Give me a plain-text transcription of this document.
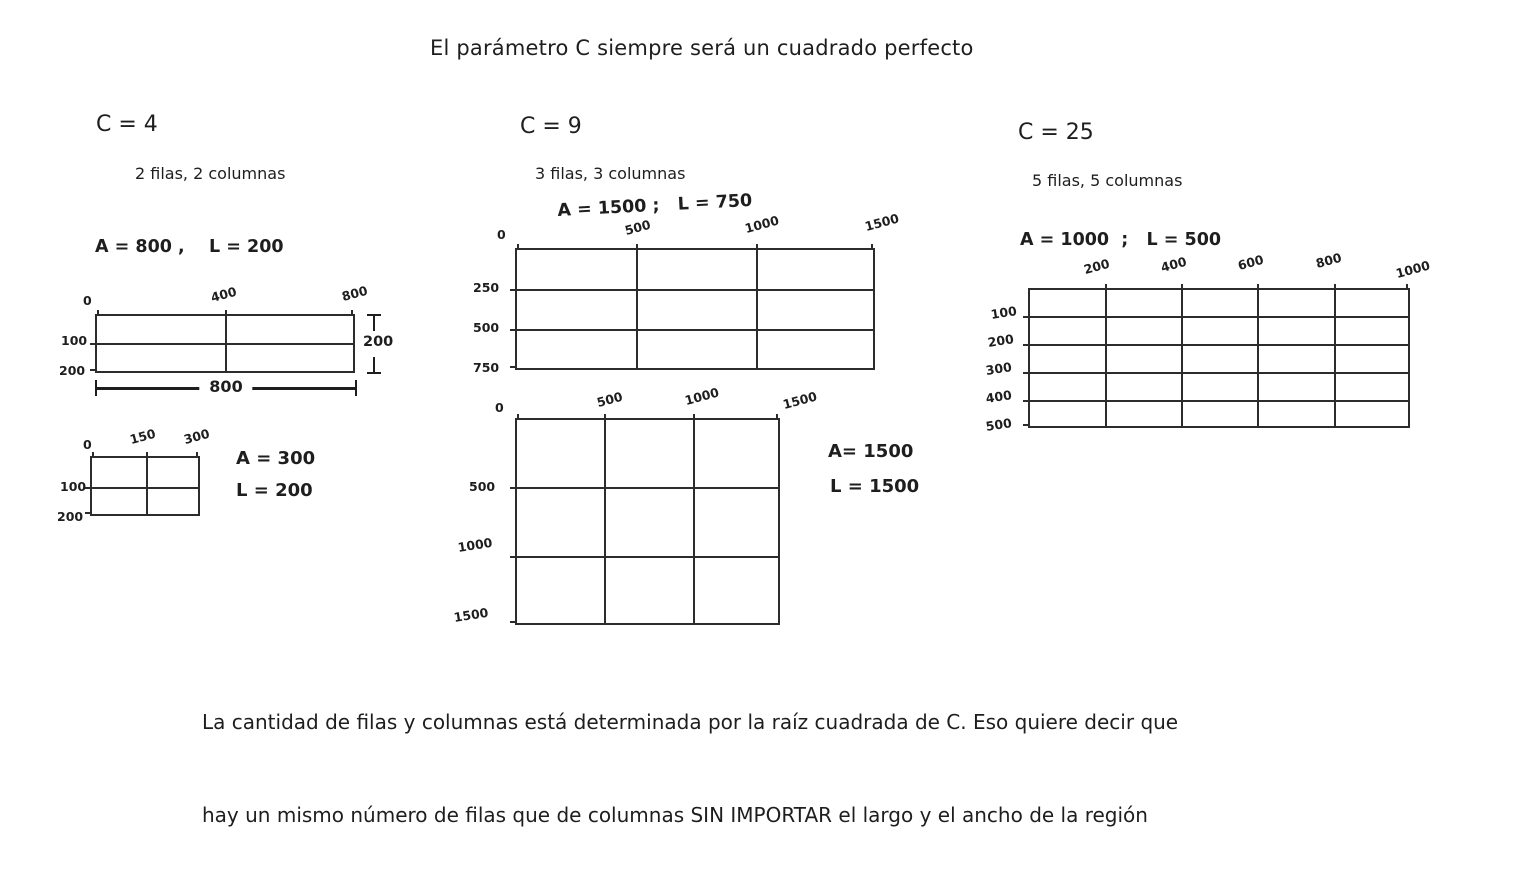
El parámetro C siempre será un cuadrado perfecto
C = 4
2 filas, 2 columnas
A = 800 ,    L = 200
0	400	800
100
200
200
800
0	150 300
100
200
A = 300
L = 200
C = 9
3 filas, 3 columnas
A = 1500 ;   L = 750
0	500	1000	1500
250
500
750
0	500	1000	1500
500
1000
1500
A= 1500
L = 1500
C = 25
5 filas, 5 columnas
A = 1000  ;   L = 500
200	400	600	800	1000
100
200
300
400
500

La cantidad de filas y columnas está determinada por la raíz cuadrada de C. Eso quiere decir que

hay un mismo número de filas que de columnas SIN IMPORTAR el largo y el ancho de la región
